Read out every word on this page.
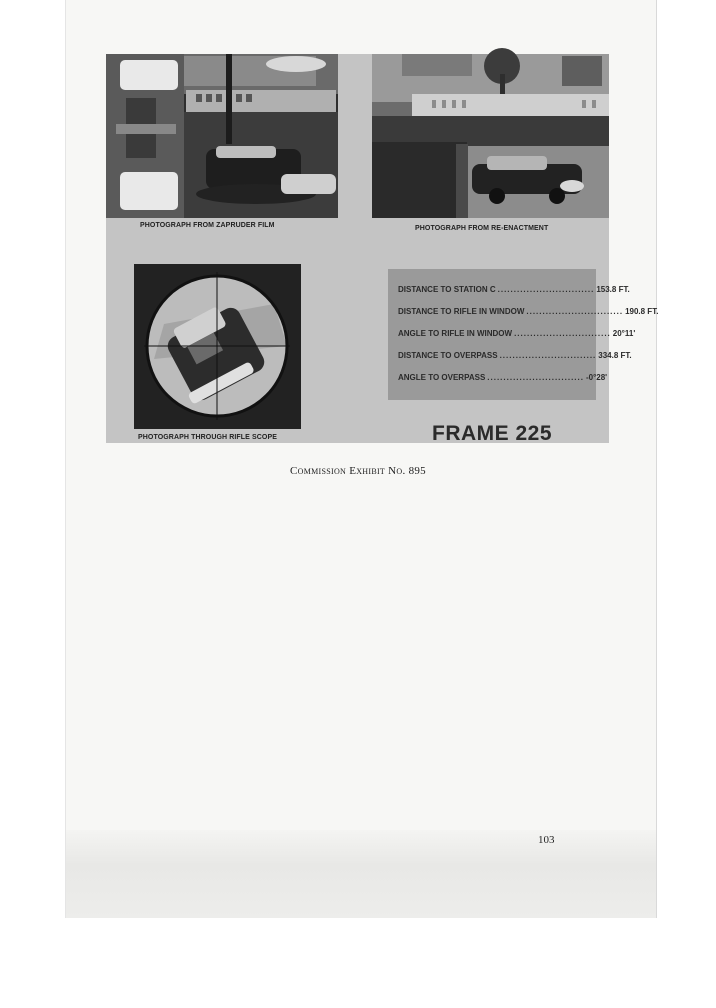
PHOTOGRAPH FROM ZAPRUDER FILM	PHOTOGRAPH FROM RE-ENACTMENT
PHOTOGRAPH THROUGH RIFLE SCOPE
DISTANCE TO STATION C .............................. 153.8 FT.
DISTANCE TO RIFLE IN WINDOW .............................. 190.8 FT.
ANGLE TO RIFLE IN WINDOW .............................. 20°11'
DISTANCE TO OVERPASS .............................. 334.8 FT.
ANGLE TO OVERPASS .............................. -0°28'
FRAME 225
Commission Exhibit No. 895
103
